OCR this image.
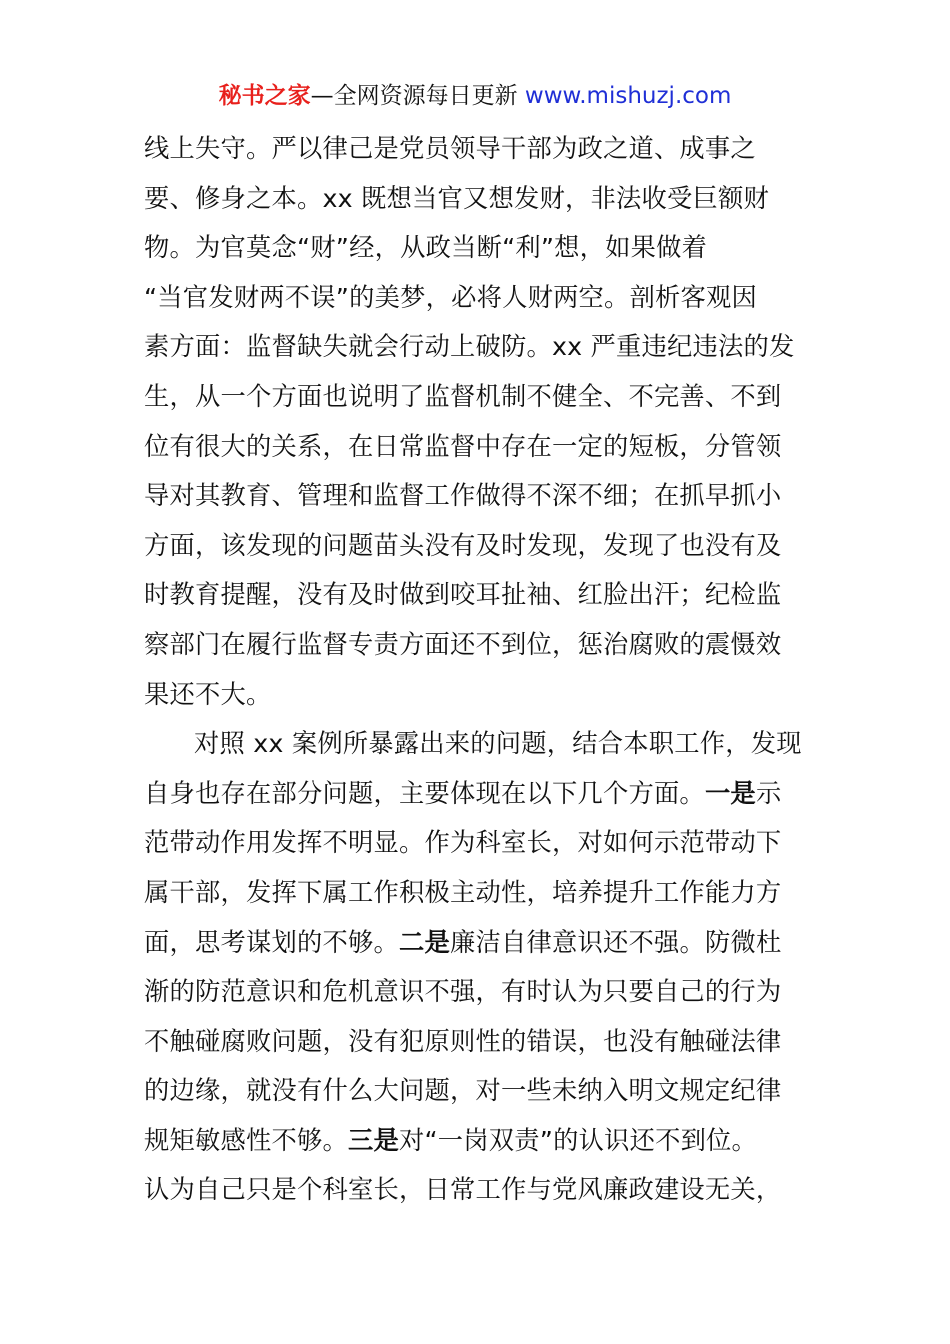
秘书之家—全网资源每日更新 www.mishuzj.com
线上失守。严以律己是党员领导干部为政之道、成事之
要、修身之本。xx 既想当官又想发财，非法收受巨额财
物。为官莫念“财”经，从政当断“利”想，如果做着
“当官发财两不误”的美梦，必将人财两空。剖析客观因
素方面：监督缺失就会行动上破防。xx 严重违纪违法的发
生，从一个方面也说明了监督机制不健全、不完善、不到
位有很大的关系，在日常监督中存在一定的短板，分管领
导对其教育、管理和监督工作做得不深不细；在抓早抓小
方面，该发现的问题苗头没有及时发现，发现了也没有及
时教育提醒，没有及时做到咬耳扯袖、红脸出汗；纪检监
察部门在履行监督专责方面还不到位，惩治腐败的震慑效
果还不大。
对照 xx 案例所暴露出来的问题，结合本职工作，发现
自身也存在部分问题，主要体现在以下几个方面。一是示
范带动作用发挥不明显。作为科室长，对如何示范带动下
属干部，发挥下属工作积极主动性，培养提升工作能力方
面，思考谋划的不够。二是廉洁自律意识还不强。防微杜
渐的防范意识和危机意识不强，有时认为只要自己的行为
不触碰腐败问题，没有犯原则性的错误，也没有触碰法律
的边缘，就没有什么大问题，对一些未纳入明文规定纪律
规矩敏感性不够。三是对“一岗双责”的认识还不到位。
认为自己只是个科室长，日常工作与党风廉政建设无关，
